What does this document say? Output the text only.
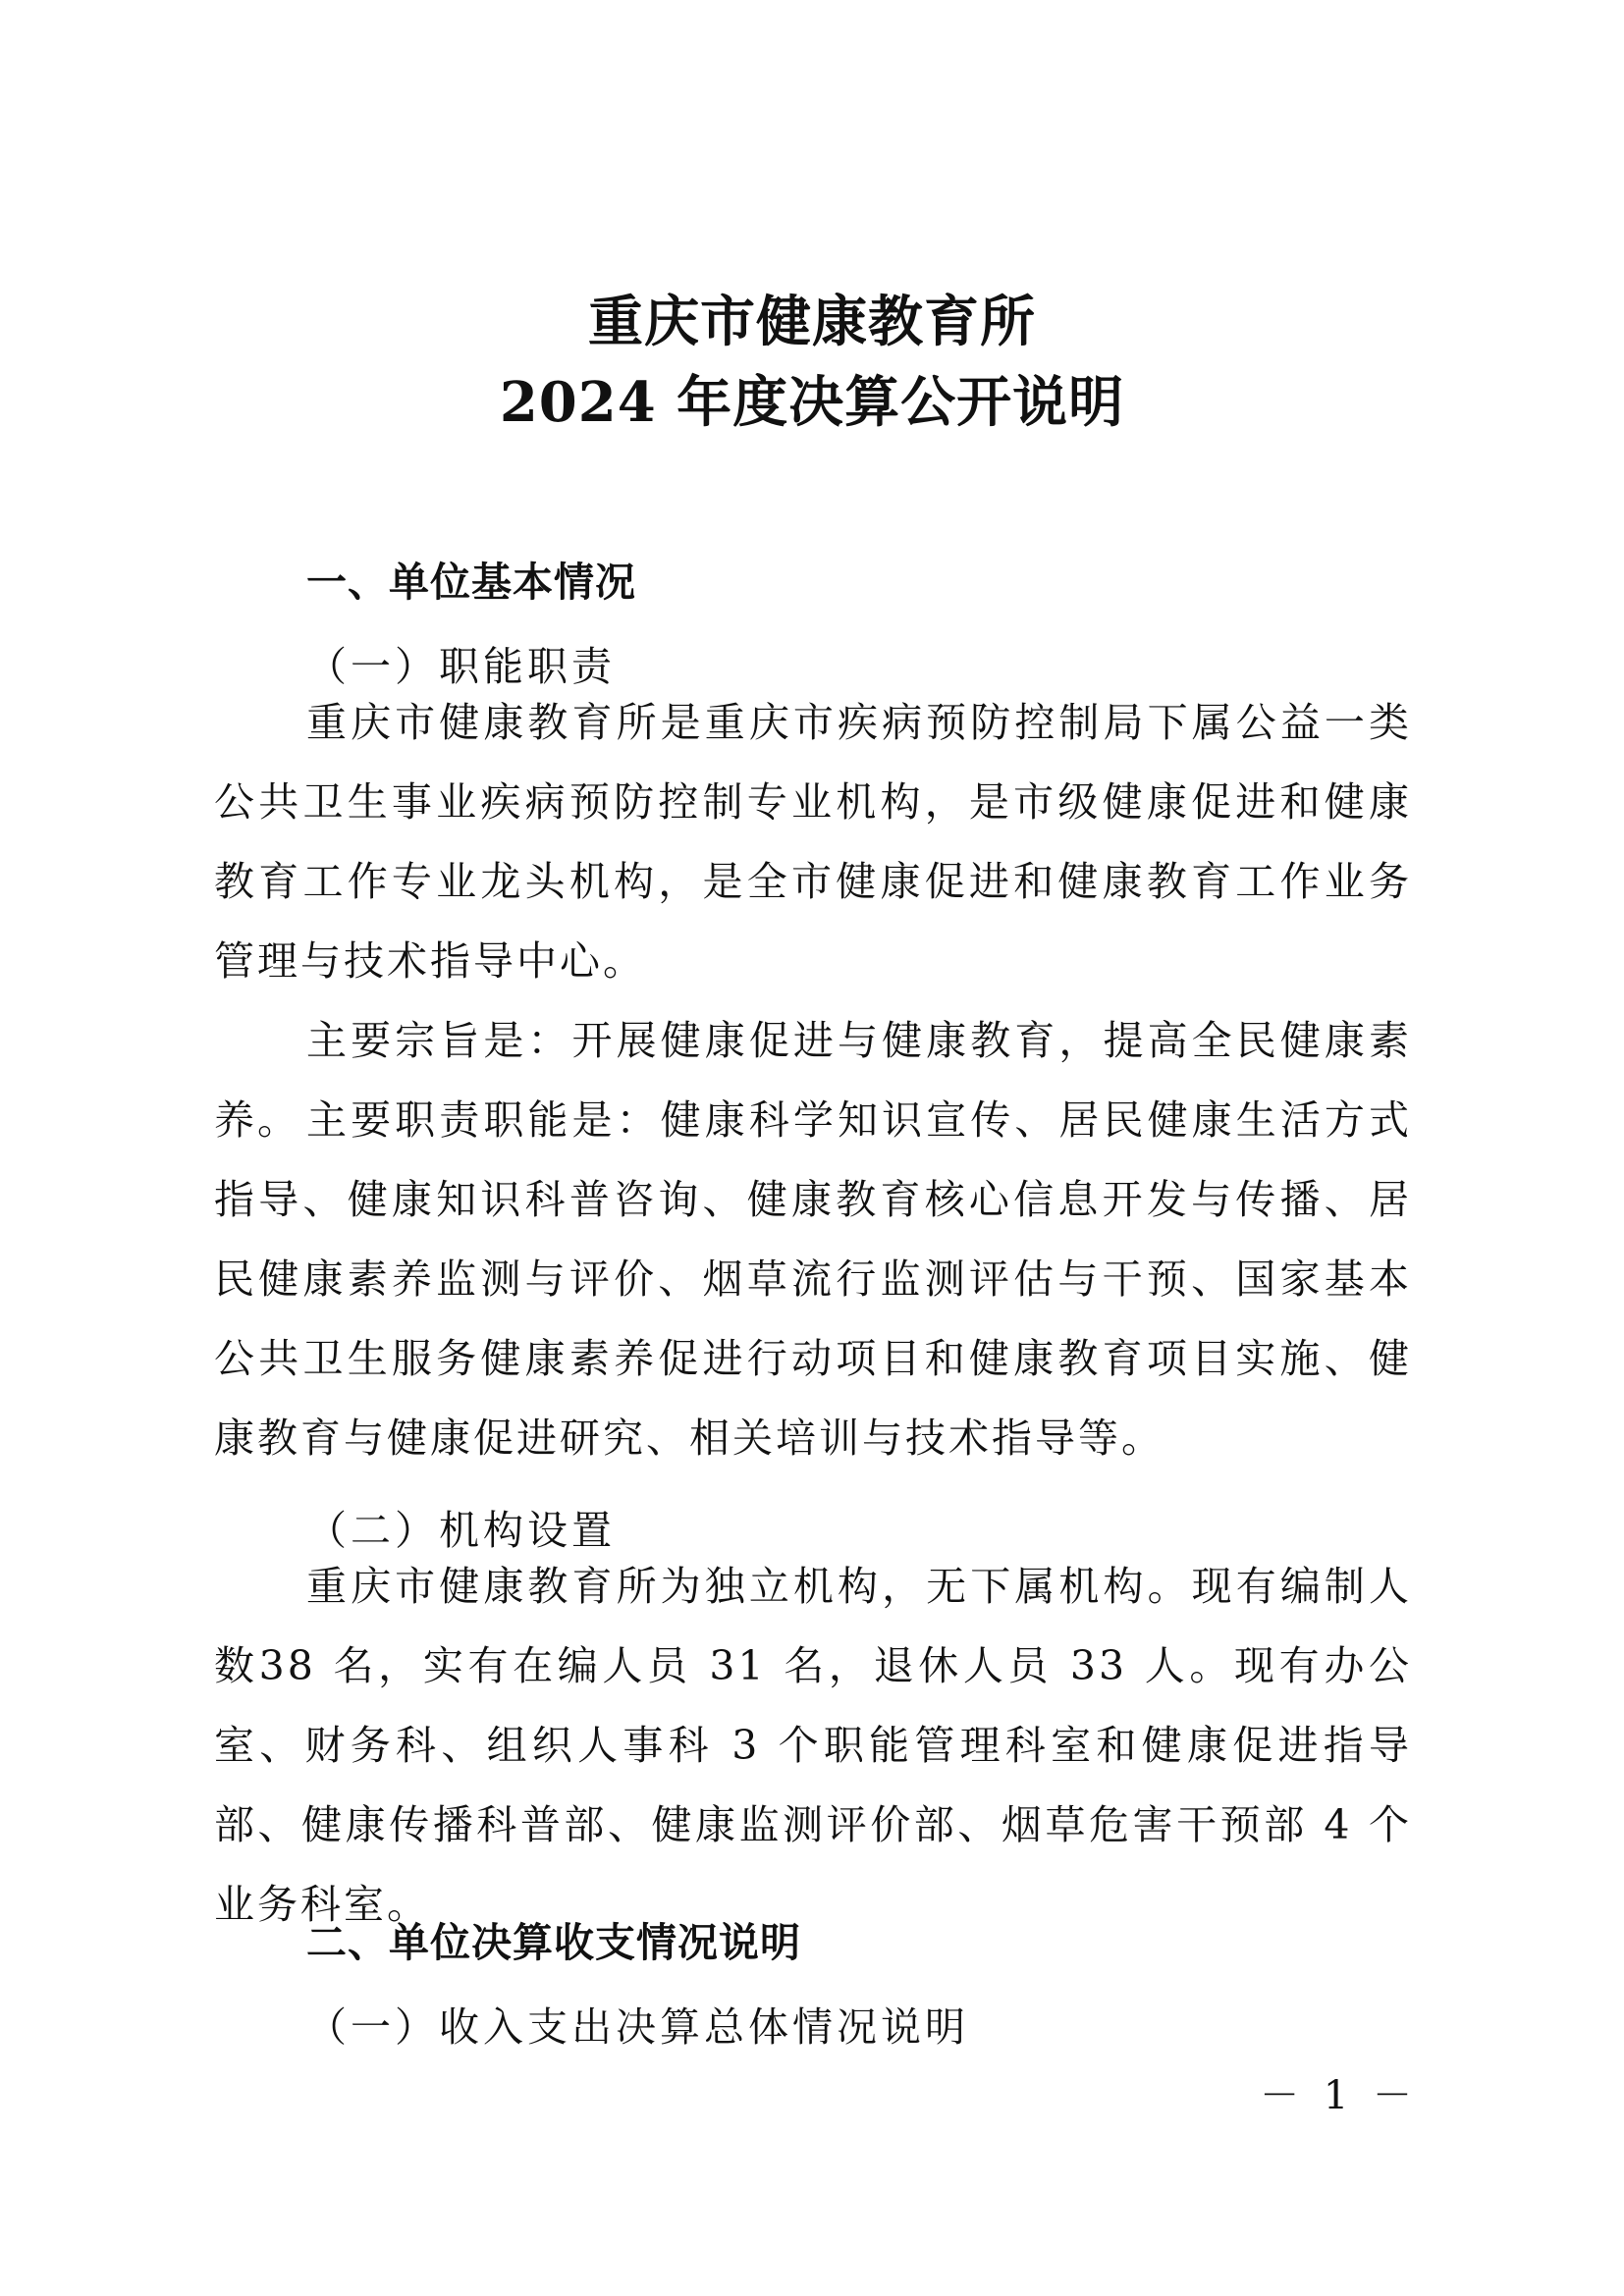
重庆市健康教育所
2024 年度决算公开说明
一、单位基本情况
（一）职能职责
重庆市健康教育所是重庆市疾病预防控制局下属公益一类公共卫生事业疾病预防控制专业机构，是市级健康促进和健康教育工作专业龙头机构，是全市健康促进和健康教育工作业务管理与技术指导中心。
主要宗旨是：开展健康促进与健康教育，提高全民健康素养。 主要职责职能是：健康科学知识宣传、居民健康生活方式指导、健康知识科普咨询、健康教育核心信息开发与传播、居民健康素养监测与评价、烟草流行监测评估与干预、国家基本公共卫生服务健康素养促进行动项目和健康教育项目实施、健康教育与健康促进研究、相关培训与技术指导等。
（二）机构设置
重庆市健康教育所为独立机构，无下属机构。现有编制人数38 名，实有在编人员 31 名，退休人员 33 人。现有办公室、财务科、组织人事科 3 个职能管理科室和健康促进指导部、健康传播科普部、健康监测评价部、烟草危害干预部 4 个业务科室。
二、单位决算收支情况说明
（一）收入支出决算总体情况说明
－ 1 －
